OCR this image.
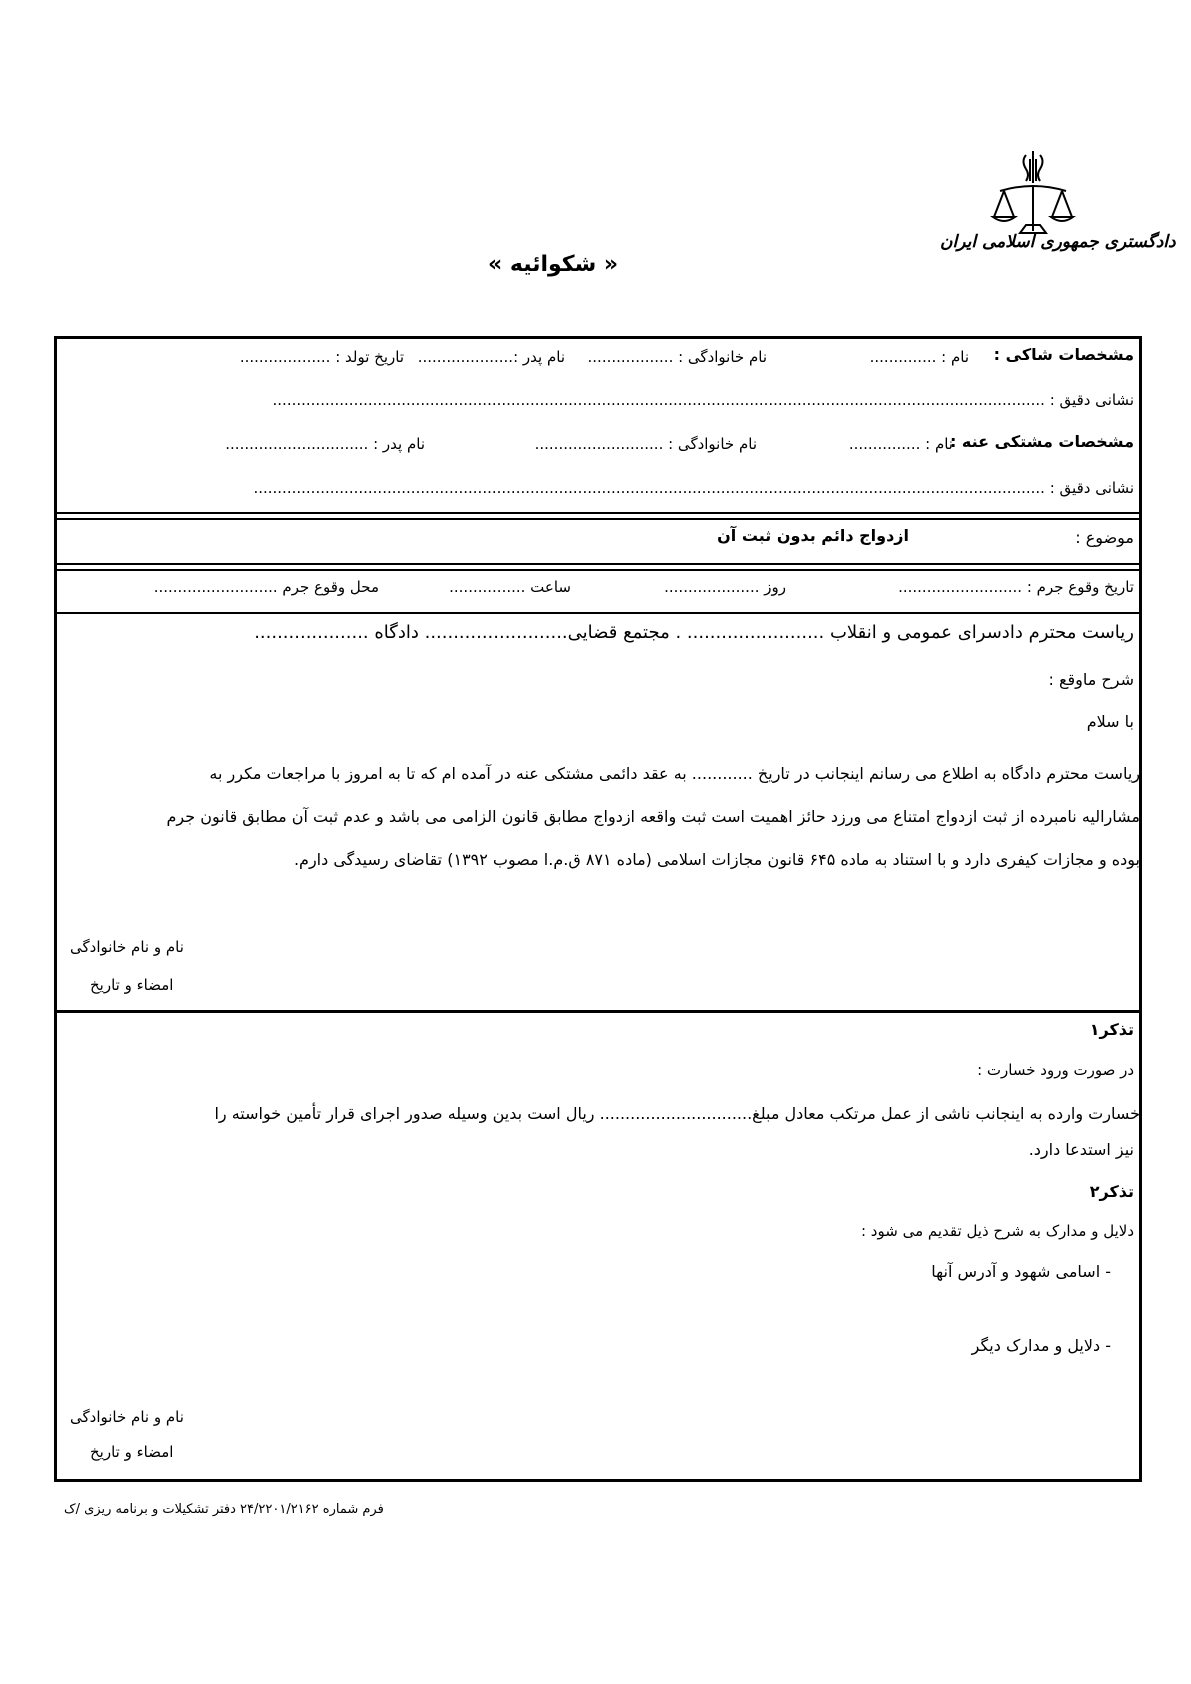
دادگستری جمهوری اسلامی ایران
« شکوائیه »
مشخصات شاکی :
نام : ..............
نام خانوادگی : ..................
نام پدر :....................
تاریخ تولد : ...................
نشانی دقیق : ..................................................................................................................................................................
مشخصات مشتکی عنه :
نام : ...............
نام خانوادگی : ...........................
نام پدر : ..............................
نشانی دقیق : ......................................................................................................................................................................
موضوع :
ازدواج دائم بدون ثبت آن
تاریخ وقوع جرم : ..........................
روز ....................
ساعت ................
محل وقوع جرم ..........................
ریاست محترم دادسرای عمومی و انقلاب ........................ . مجتمع قضایی......................... دادگاه ....................
شرح ماوقع :
با سلام
ریاست محترم دادگاه به اطلاع می رسانم اینجانب در تاریخ ............ به عقد دائمی مشتکی عنه در آمده ام که تا به امروز با مراجعات مکرر به
مشارالیه نامبرده از ثبت ازدواج امتناع می ورزد حائز اهمیت است ثبت واقعه ازدواج مطابق قانون الزامی می باشد و عدم ثبت آن مطابق قانون جرم
بوده و مجازات کیفری دارد و با استناد به ماده ۶۴۵ قانون مجازات اسلامی (ماده ۸۷۱ ق.م.ا مصوب ۱۳۹۲) تقاضای رسیدگی دارم.
نام و نام خانوادگی
امضاء و تاریخ
تذکر۱
در صورت ورود خسارت :
خسارت وارده به اینجانب ناشی از عمل مرتکب معادل مبلغ.............................. ریال است بدین وسیله صدور اجرای قرار تأمین خواسته را
نیز استدعا دارد.
تذکر۲
دلایل و مدارک به شرح ذیل تقدیم می شود :
- اسامی شهود و آدرس آنها
- دلایل و مدارک دیگر
نام و نام خانوادگی
امضاء و تاریخ
فرم شماره ۲۴/۲۲۰۱/۲۱۶۲ دفتر تشکیلات و برنامه ریزی /ک
